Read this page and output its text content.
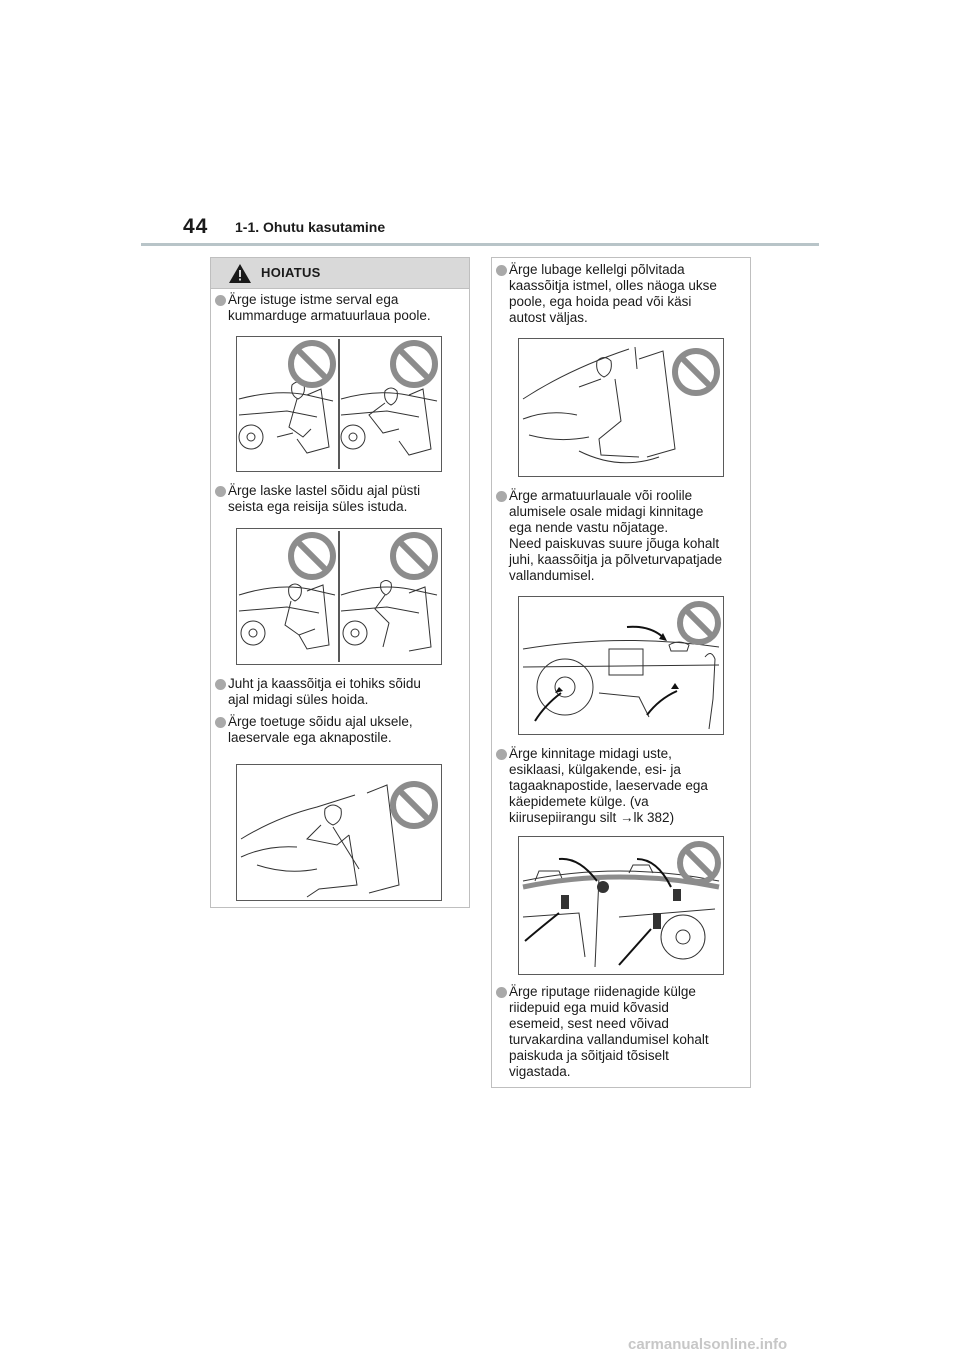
44 1-1. Ohutu kasutamine
HOIATUS
Ärge istuge istme serval ega
kummarduge armatuurlaua poole.
Ärge laske lastel sõidu ajal püsti
seista ega reisija süles istuda.
Juht ja kaassõitja ei tohiks sõidu
ajal midagi süles hoida.
Ärge toetuge sõidu ajal uksele,
laeservale ega aknapostile.
Ärge lubage kellelgi põlvitada
kaassõitja istmel, olles näoga ukse
poole, ega hoida pead või käsi
autost väljas.
Ärge armatuurlauale või roolile
alumisele osale midagi kinnitage
ega nende vastu nõjatage.
Need paiskuvas suure jõuga kohalt
juhi, kaassõitja ja põlveturvapatjade
vallandumisel.
Ärge kinnitage midagi uste,
esiklaasi, külgakende, esi- ja
tagaaknapostide, laeservade ega
käepidemete külge. (va
kiirusepiirangu silt →lk 382)
Ärge riputage riidenagide külge
riidepuid ega muid kõvasid
esemeid, sest need võivad
turvakardina vallandumisel kohalt
paiskuda ja sõitjaid tõsiselt
vigastada.
carmanualsonline.info
